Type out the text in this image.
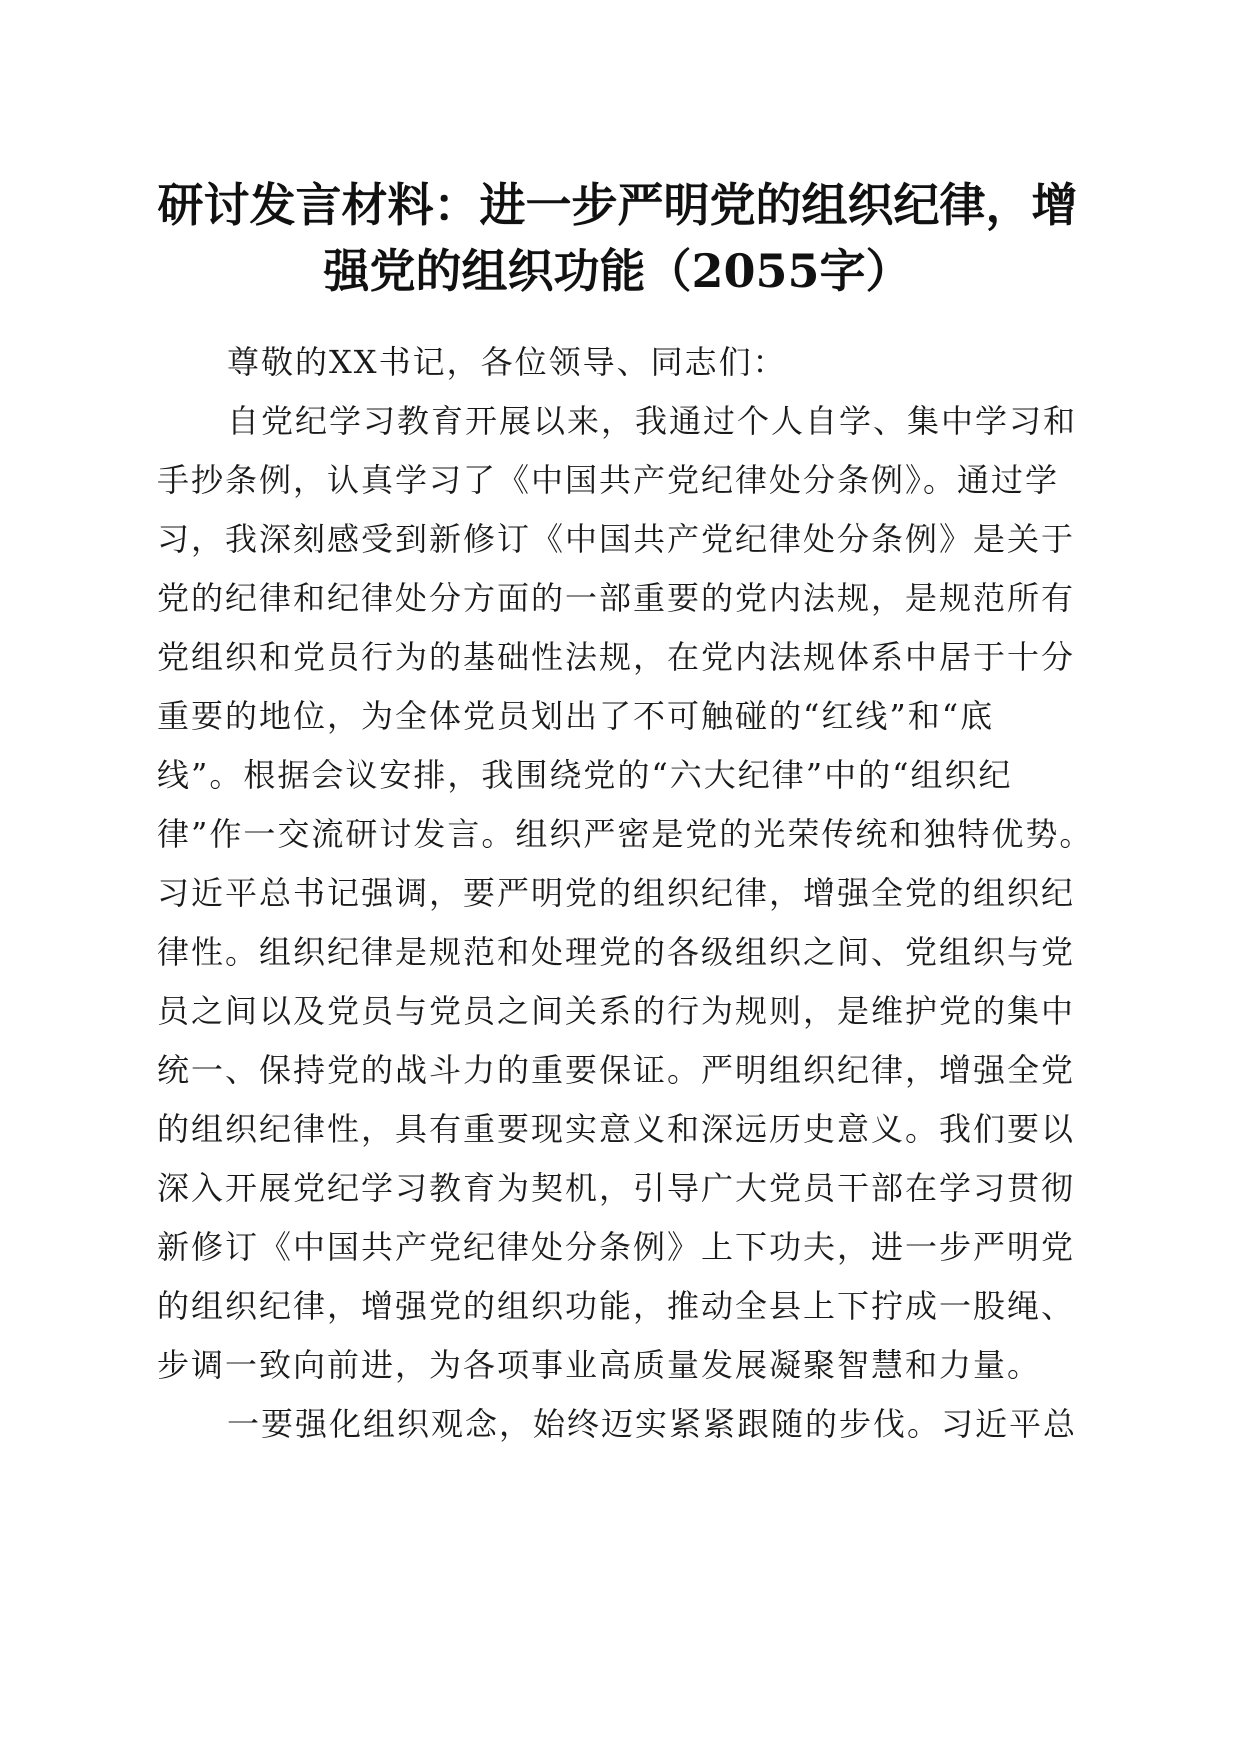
研讨发言材料：进一步严明党的组织纪律，增
强党的组织功能（2055字）
尊敬的XX书记，各位领导、同志们：
自党纪学习教育开展以来，我通过个人自学、集中学习和
手抄条例，认真学习了《中国共产党纪律处分条例》。通过学
习，我深刻感受到新修订《中国共产党纪律处分条例》是关于
党的纪律和纪律处分方面的一部重要的党内法规，是规范所有
党组织和党员行为的基础性法规，在党内法规体系中居于十分
重要的地位，为全体党员划出了不可触碰的“红线”和“底
线”。根据会议安排，我围绕党的“六大纪律”中的“组织纪
律”作一交流研讨发言。组织严密是党的光荣传统和独特优势。
习近平总书记强调，要严明党的组织纪律，增强全党的组织纪
律性。组织纪律是规范和处理党的各级组织之间、党组织与党
员之间以及党员与党员之间关系的行为规则，是维护党的集中
统一、保持党的战斗力的重要保证。严明组织纪律，增强全党
的组织纪律性，具有重要现实意义和深远历史意义。我们要以
深入开展党纪学习教育为契机，引导广大党员干部在学习贯彻
新修订《中国共产党纪律处分条例》上下功夫，进一步严明党
的组织纪律，增强党的组织功能，推动全县上下拧成一股绳、
步调一致向前进，为各项事业高质量发展凝聚智慧和力量。
一要强化组织观念，始终迈实紧紧跟随的步伐。习近平总
